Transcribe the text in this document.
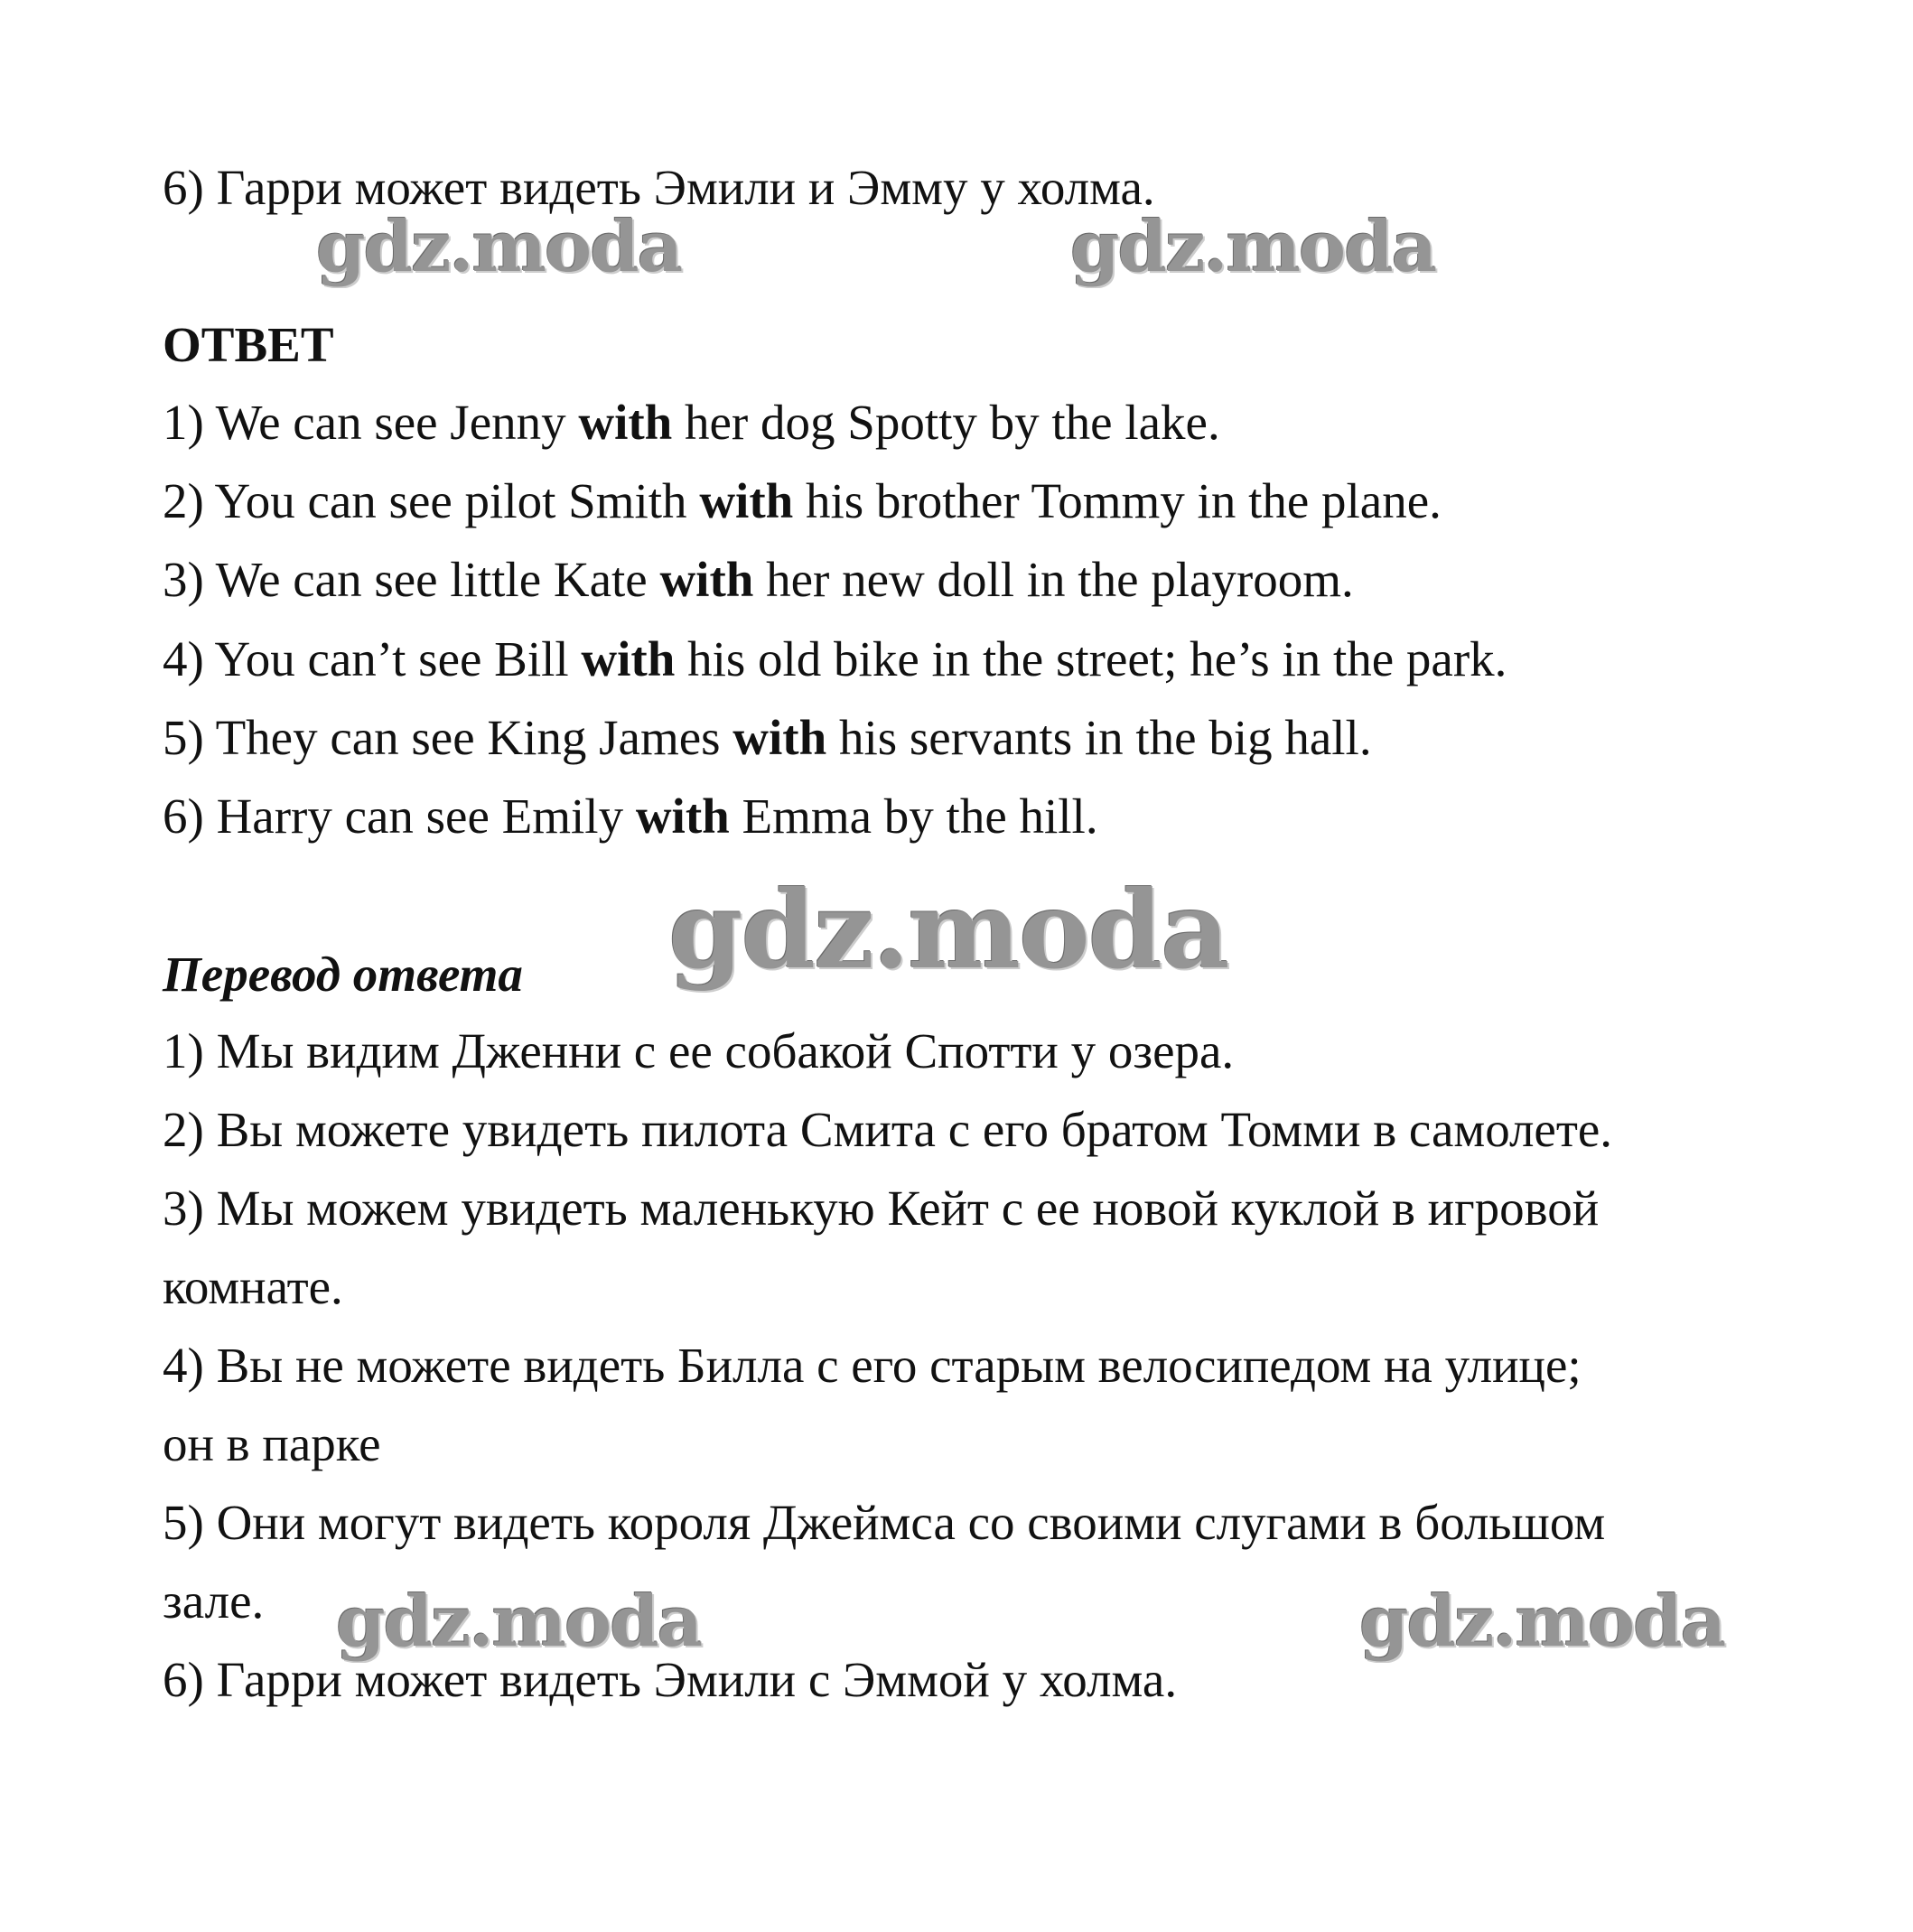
6) Гарри может видеть Эмили и Эмму у холма.
gdz.moda	gdz.moda
ОТВЕТ
1) We can see Jenny with her dog Spotty by the lake.
2) You can see pilot Smith with his brother Tommy in the plane.
3) We can see little Kate with her new doll in the playroom.
4) You can’t see Bill with his old bike in the street; he’s in the park.
5) They can see King James with his servants in the big hall.
6) Harry can see Emily with Emma by the hill.
gdz.moda
Перевод ответа
1) Мы видим Дженни с ее собакой Спотти у озера.
2) Вы можете увидеть пилота Смита с его братом Томми в самолете.
3) Мы можем увидеть маленькую Кейт с ее новой куклой в игровой
комнате.
4) Вы не можете видеть Билла с его старым велосипедом на улице;
он в парке
5) Они могут видеть короля Джеймса со своими слугами в большом
зале. gdz.moda	gdz.moda
6) Гарри может видеть Эмили с Эммой у холма.
